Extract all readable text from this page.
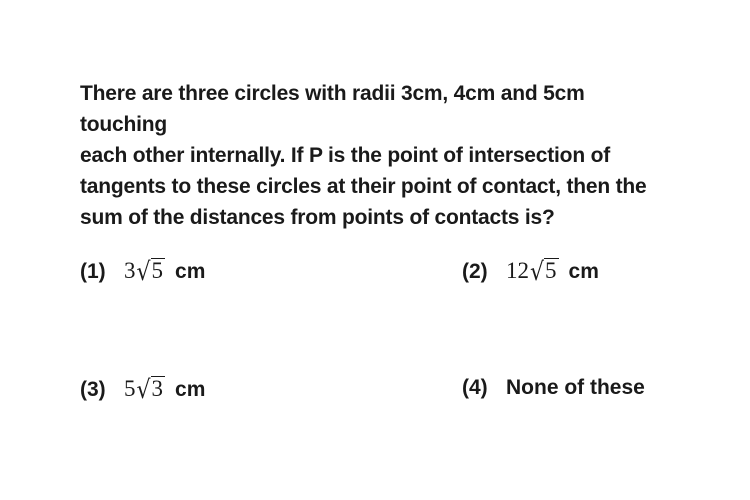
There are three circles with radii 3cm, 4cm and 5cm touching
each other internally. If P is the point of intersection of
tangents to these circles at their point of contact, then the
sum of the distances from points of contacts is?
(1) 3 √ 5 cm	(2) 12 √ 5 cm
(3) 5 √ 3 cm	(4) None of these
